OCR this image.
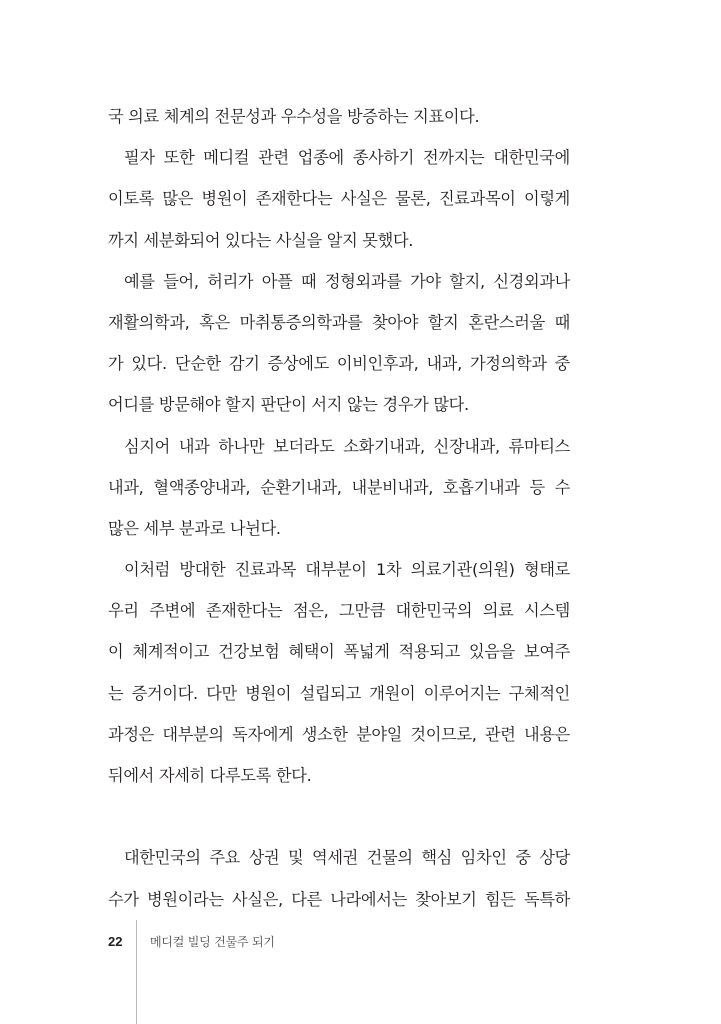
국 의료 체계의 전문성과 우수성을 방증하는 지표이다.
필자 또한 메디컬 관련 업종에 종사하기 전까지는 대한민국에
이토록 많은 병원이 존재한다는 사실은 물론, 진료과목이 이렇게
까지 세분화되어 있다는 사실을 알지 못했다.
예를 들어, 허리가 아플 때 정형외과를 가야 할지, 신경외과나
재활의학과, 혹은 마취통증의학과를 찾아야 할지 혼란스러울 때
가 있다. 단순한 감기 증상에도 이비인후과, 내과, 가정의학과 중
어디를 방문해야 할지 판단이 서지 않는 경우가 많다.
심지어 내과 하나만 보더라도 소화기내과, 신장내과, 류마티스
내과, 혈액종양내과, 순환기내과, 내분비내과, 호흡기내과 등 수
많은 세부 분과로 나뉜다.
이처럼 방대한 진료과목 대부분이 1차 의료기관(의원) 형태로
우리 주변에 존재한다는 점은, 그만큼 대한민국의 의료 시스템
이 체계적이고 건강보험 혜택이 폭넓게 적용되고 있음을 보여주
는 증거이다. 다만 병원이 설립되고 개원이 이루어지는 구체적인
과정은 대부분의 독자에게 생소한 분야일 것이므로, 관련 내용은
뒤에서 자세히 다루도록 한다.
대한민국의 주요 상권 및 역세권 건물의 핵심 임차인 중 상당
수가 병원이라는 사실은, 다른 나라에서는 찾아보기 힘든 독특하
22	메디컬 빌딩 건물주 되기
